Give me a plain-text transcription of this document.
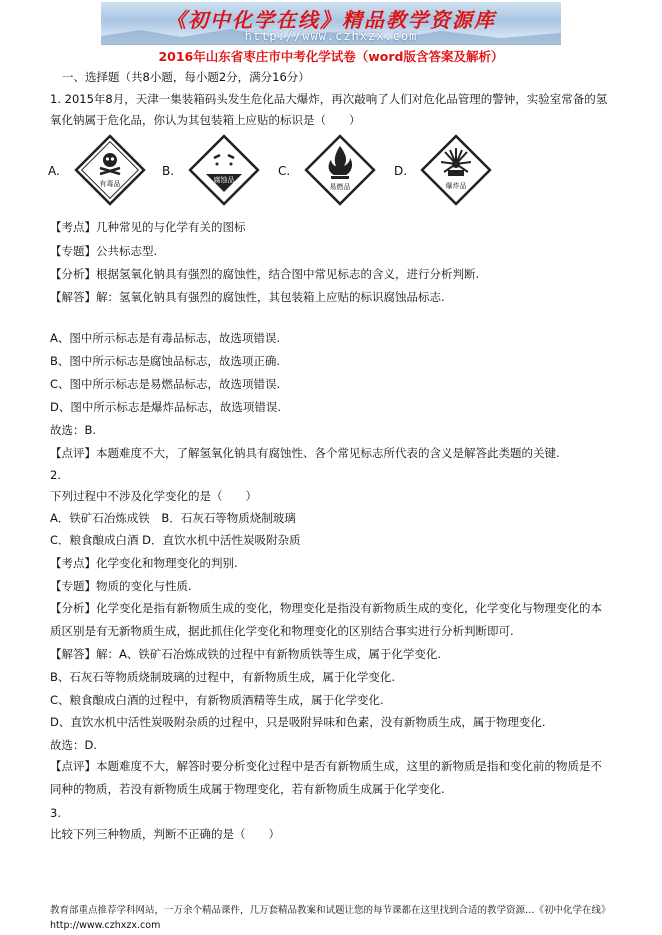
《初中化学在线》精品教学资源库
http://www.czhxzx.com
2016年山东省枣庄市中考化学试卷（word版含答案及解析）
一、选择题（共8小题，每小题2分，满分16分）
1. 2015年8月，天津一集装箱码头发生危化品大爆炸，再次敲响了人们对危化品管理的警钟，实验室常备的氢
氧化钠属于危化品，你认为其包装箱上应贴的标识是（　　）
A.
有毒品
B.
腐蚀品
C.
易燃品
D.
爆炸品
【考点】几种常见的与化学有关的图标
【专题】公共标志型.
【分析】根据氢氧化钠具有强烈的腐蚀性，结合图中常见标志的含义，进行分析判断.
【解答】解：氢氧化钠具有强烈的腐蚀性，其包装箱上应贴的标识腐蚀品标志.
A、图中所示标志是有毒品标志，故选项错误.
B、图中所示标志是腐蚀品标志，故选项正确.
C、图中所示标志是易燃品标志，故选项错误.
D、图中所示标志是爆炸品标志，故选项错误.
故选：B.
【点评】本题难度不大，了解氢氧化钠具有腐蚀性、各个常见标志所代表的含义是解答此类题的关键.
2.
下列过程中不涉及化学变化的是（　　）
A．铁矿石冶炼成铁　B．石灰石等物质烧制玻璃
C．粮食酿成白酒 D．直饮水机中活性炭吸附杂质
【考点】化学变化和物理变化的判别.
【专题】物质的变化与性质.
【分析】化学变化是指有新物质生成的变化，物理变化是指没有新物质生成的变化，化学变化与物理变化的本质区别是有无新物质生成，据此抓住化学变化和物理变化的区别结合事实进行分析判断即可.
【解答】解：A、铁矿石冶炼成铁的过程中有新物质铁等生成，属于化学变化.
B、石灰石等物质烧制玻璃的过程中，有新物质生成，属于化学变化.
C、粮食酿成白酒的过程中，有新物质酒精等生成，属于化学变化.
D、直饮水机中活性炭吸附杂质的过程中，只是吸附异味和色素，没有新物质生成，属于物理变化.
故选：D.
【点评】本题难度不大，解答时要分析变化过程中是否有新物质生成，这里的新物质是指和变化前的物质是不同种的物质，若没有新物质生成属于物理变化，若有新物质生成属于化学变化.
3.
比较下列三种物质，判断不正确的是（　　）
教育部重点推荐学科网站，一万余个精品课件，几万套精品教案和试题让您的每节课都在这里找到合适的教学资源…《初中化学在线》http://www.czhxzx.com
